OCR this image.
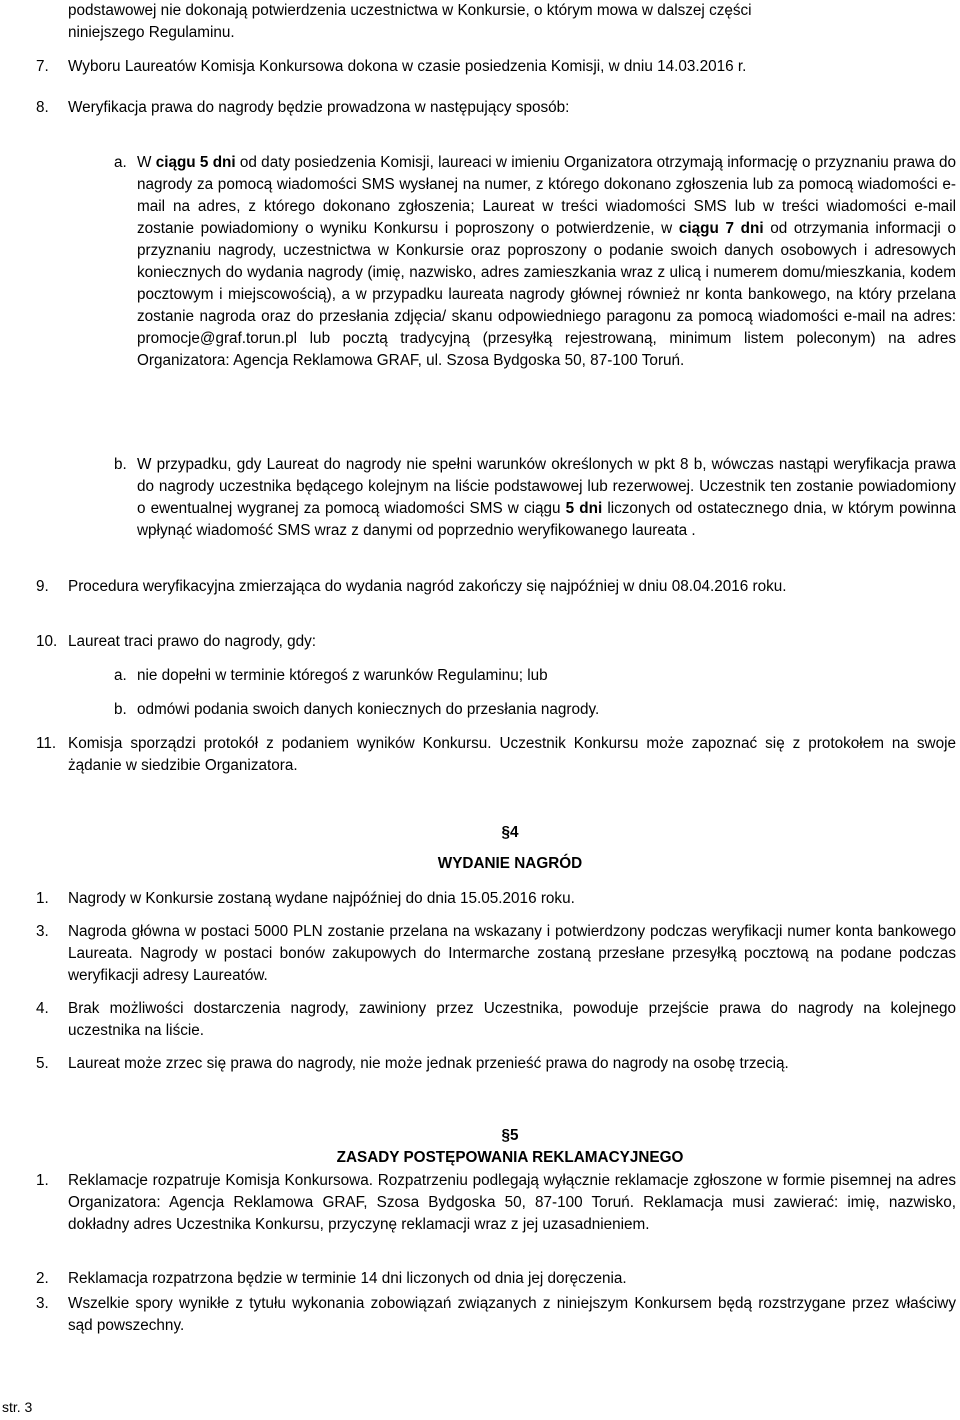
podstawowej nie dokonają potwierdzenia uczestnictwa w Konkursie, o którym mowa w dalszej części
niniejszego Regulaminu.

7. Wyboru Laureatów Komisja Konkursowa dokona w czasie posiedzenia Komisji, w dniu 14.03.2016 r.

8. Weryfikacja prawa do nagrody będzie prowadzona w następujący sposób:

a. W ciągu 5 dni od daty posiedzenia Komisji, laureaci w imieniu Organizatora otrzymają informację o przyznaniu prawa do nagrody za pomocą wiadomości SMS wysłanej na numer, z którego dokonano zgłoszenia lub za pomocą wiadomości e-mail na adres, z którego dokonano zgłoszenia; Laureat w treści wiadomości SMS lub w treści wiadomości e-mail zostanie powiadomiony o wyniku Konkursu i poproszony o potwierdzenie, w ciągu 7 dni od otrzymania informacji o przyznaniu nagrody, uczestnictwa w Konkursie oraz poproszony o podanie swoich danych osobowych i adresowych koniecznych do wydania nagrody (imię, nazwisko, adres zamieszkania wraz z ulicą i numerem domu/mieszkania, kodem pocztowym i miejscowością), a w przypadku laureata nagrody głównej również nr konta bankowego, na który przelana zostanie nagroda oraz do przesłania zdjęcia/ skanu odpowiedniego paragonu za pomocą wiadomości e-mail na adres: promocje@graf.torun.pl lub pocztą tradycyjną (przesyłką rejestrowaną, minimum listem poleconym) na adres Organizatora: Agencja Reklamowa GRAF, ul. Szosa Bydgoska 50, 87-100 Toruń.

b. W przypadku, gdy Laureat do nagrody nie spełni warunków określonych w pkt 8 b, wówczas nastąpi weryfikacja prawa do nagrody uczestnika będącego kolejnym na liście podstawowej lub rezerwowej. Uczestnik ten zostanie powiadomiony o ewentualnej wygranej za pomocą wiadomości SMS w ciągu 5 dni liczonych od ostatecznego dnia, w którym powinna wpłynąć wiadomość SMS wraz z danymi od poprzednio weryfikowanego laureata .

9. Procedura weryfikacyjna zmierzająca do wydania nagród zakończy się najpóźniej w dniu 08.04.2016 roku.

10. Laureat traci prawo do nagrody, gdy:

a. nie dopełni w terminie któregoś z warunków Regulaminu; lub

b. odmówi podania swoich danych koniecznych do przesłania nagrody.

11. Komisja sporządzi protokół z podaniem wyników Konkursu. Uczestnik Konkursu może zapoznać się z protokołem na swoje żądanie w siedzibie Organizatora.

§4

WYDANIE NAGRÓD

1. Nagrody w Konkursie zostaną wydane najpóźniej do dnia 15.05.2016 roku.

3. Nagroda główna w postaci 5000 PLN zostanie przelana na wskazany i potwierdzony podczas weryfikacji numer konta bankowego Laureata. Nagrody w postaci bonów zakupowych do Intermarche zostaną przesłane przesyłką pocztową na podane podczas weryfikacji adresy Laureatów.

4. Brak możliwości dostarczenia nagrody, zawiniony przez Uczestnika, powoduje przejście prawa do nagrody na kolejnego uczestnika na liście.

5. Laureat może zrzec się prawa do nagrody, nie może jednak przenieść prawa do nagrody na osobę trzecią.

§5

ZASADY POSTĘPOWANIA REKLAMACYJNEGO

1. Reklamacje rozpatruje Komisja Konkursowa. Rozpatrzeniu podlegają wyłącznie reklamacje zgłoszone w formie pisemnej na adres Organizatora: Agencja Reklamowa GRAF, Szosa Bydgoska 50, 87-100 Toruń. Reklamacja musi zawierać: imię, nazwisko, dokładny adres Uczestnika Konkursu, przyczynę reklamacji wraz z jej uzasadnieniem.

2. Reklamacja rozpatrzona będzie w terminie 14 dni liczonych od dnia jej doręczenia.

3. Wszelkie spory wynikłe z tytułu wykonania zobowiązań związanych z niniejszym Konkursem będą rozstrzygane przez właściwy sąd powszechny.

str. 3
